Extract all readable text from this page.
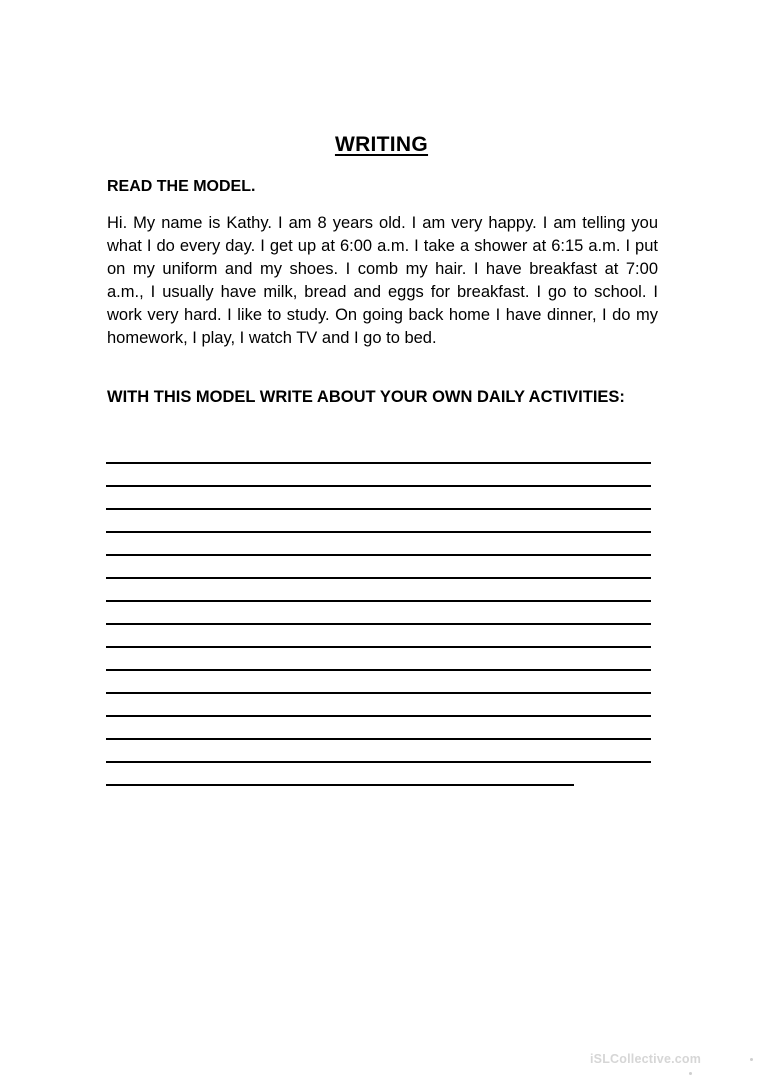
WRITING
READ THE MODEL.
Hi. My name is Kathy. I am 8 years old. I am very happy. I am telling you what I do every day. I get up at 6:00 a.m. I take a shower at 6:15 a.m. I put on my uniform and my shoes. I comb my hair. I have breakfast at 7:00 a.m., I usually have milk, bread and eggs for breakfast. I go to school. I work very hard. I like to study. On going back home I have dinner, I do my homework, I play, I watch TV and I go to bed.
WITH THIS MODEL WRITE ABOUT YOUR OWN DAILY ACTIVITIES:
iSLCollective.com
